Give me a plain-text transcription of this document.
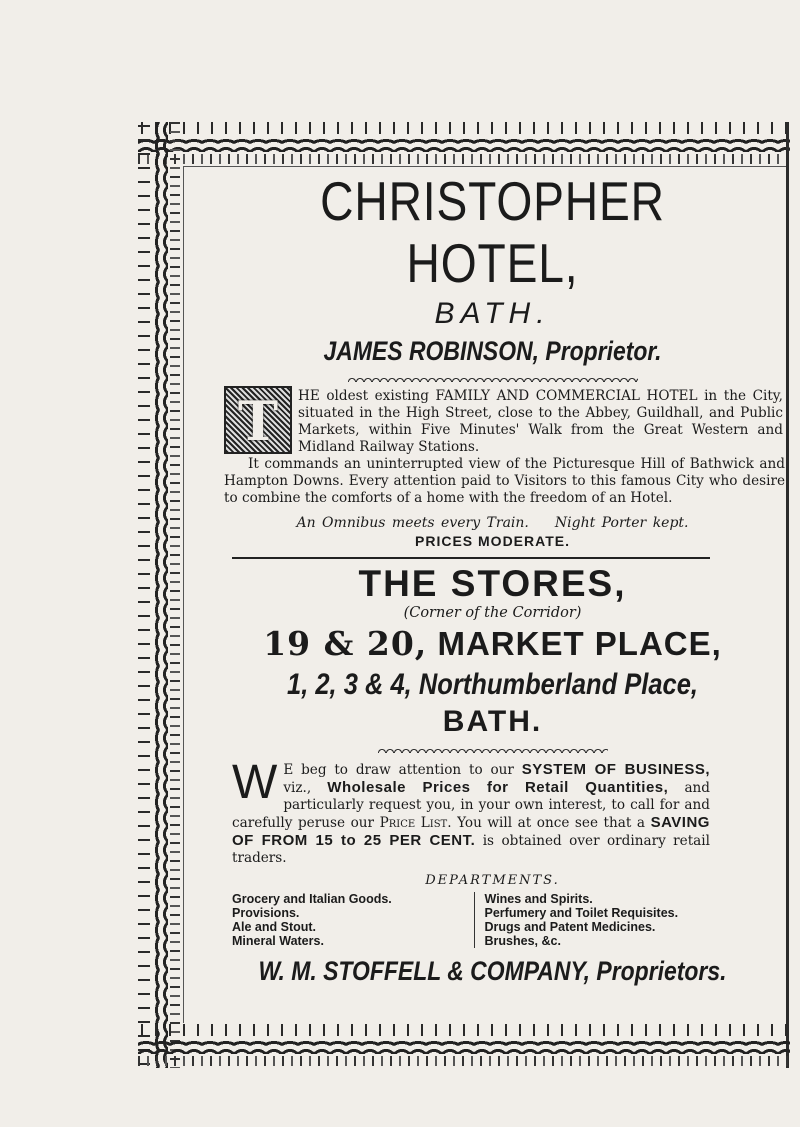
CHRISTOPHER HOTEL,

BATH.

JAMES ROBINSON, Proprietor.

T	HE oldest existing FAMILY AND COMMERCIAL HOTEL in the City, situated in the High Street, close to the Abbey, Guildhall, and Public Markets, within Five Minutes' Walk from the Great Western and Midland Railway Stations.

It commands an uninterrupted view of the Picturesque Hill of Bathwick and Hampton Downs. Every attention paid to Visitors to this famous City who desire to combine the comforts of a home with the freedom of an Hotel.

An Omnibus meets every Train. Night Porter kept.

PRICES MODERATE.

THE STORES,

(Corner of the Corridor)

19 & 20, MARKET PLACE,

1, 2, 3 & 4, Northumberland Place,

BATH.

W E beg to draw attention to our SYSTEM OF BUSINESS, viz., Wholesale Prices for Retail Quantities, and particularly request you, in your own interest, to call for and carefully peruse our Price List. You will at once see that a SAVING OF FROM 15 to 25 PER CENT. is obtained over ordinary retail traders.

DEPARTMENTS.

Grocery and Italian Goods.
Provisions.
Ale and Stout.
Mineral Waters.
Wines and Spirits.
Perfumery and Toilet Requisites.
Drugs and Patent Medicines.
Brushes, &c.

W. M. STOFFELL & COMPANY, Proprietors.
